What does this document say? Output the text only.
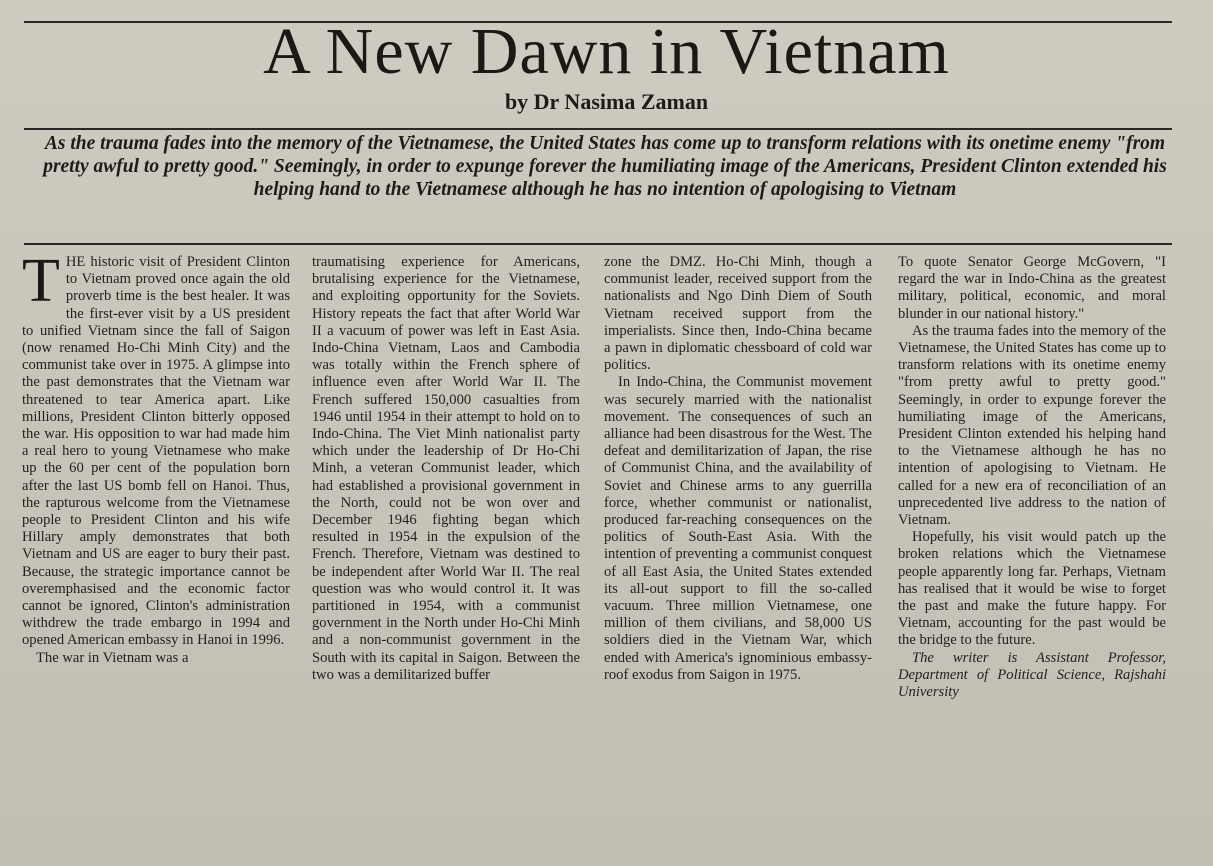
A New Dawn in Vietnam
by Dr Nasima Zaman

As the trauma fades into the memory of the Vietnamese, the United States has come up to transform relations with its onetime enemy "from pretty awful to pretty good." Seemingly, in order to expunge forever the humiliating image of the Americans, President Clinton extended his helping hand to the Vietnamese although he has no intention of apologising to Vietnam

THE historic visit of President Clinton to Vietnam proved once again the old proverb time is the best healer. It was the first-ever visit by a US president to unified Vietnam since the fall of Saigon (now renamed Ho-Chi Minh City) and the communist take over in 1975. A glimpse into the past demonstrates that the Vietnam war threatened to tear America apart. Like millions, President Clinton bitterly opposed the war. His opposition to war had made him a real hero to young Vietnamese who make up the 60 per cent of the population born after the last US bomb fell on Hanoi. Thus, the rapturous welcome from the Vietnamese people to President Clinton and his wife Hillary amply demonstrates that both Vietnam and US are eager to bury their past. Because, the strategic importance cannot be overemphasised and the economic factor cannot be ignored, Clinton's administration withdrew the trade embargo in 1994 and opened American embassy in Hanoi in 1996.

The war in Vietnam was a

traumatising experience for Americans, brutalising experience for the Vietnamese, and exploiting opportunity for the Soviets. History repeats the fact that after World War II a vacuum of power was left in East Asia. Indo-China Vietnam, Laos and Cambodia was totally within the French sphere of influence even after World War II. The French suffered 150,000 casualties from 1946 until 1954 in their attempt to hold on to Indo-China. The Viet Minh nationalist party which under the leadership of Dr Ho-Chi Minh, a veteran Communist leader, which had established a provisional government in the North, could not be won over and December 1946 fighting began which resulted in 1954 in the expulsion of the French. Therefore, Vietnam was destined to be independent after World War II. The real question was who would control it. It was partitioned in 1954, with a communist government in the North under Ho-Chi Minh and a non-communist government in the South with its capital in Saigon. Between the two was a demilitarized buffer

zone the DMZ. Ho-Chi Minh, though a communist leader, received support from the nationalists and Ngo Dinh Diem of South Vietnam received support from the imperialists. Since then, Indo-China became a pawn in diplomatic chessboard of cold war politics.

In Indo-China, the Communist movement was securely married with the nationalist movement. The consequences of such an alliance had been disastrous for the West. The defeat and demilitarization of Japan, the rise of Communist China, and the availability of Soviet and Chinese arms to any guerrilla force, whether communist or nationalist, produced far-reaching consequences on the politics of South-East Asia. With the intention of preventing a communist conquest of all East Asia, the United States extended its all-out support to fill the so-called vacuum. Three million Vietnamese, one million of them civilians, and 58,000 US soldiers died in the Vietnam War, which ended with America's ignominious embassy-roof exodus from Saigon in 1975.

To quote Senator George McGovern, "I regard the war in Indo-China as the greatest military, political, economic, and moral blunder in our national history."

As the trauma fades into the memory of the Vietnamese, the United States has come up to transform relations with its onetime enemy "from pretty awful to pretty good." Seemingly, in order to expunge forever the humiliating image of the Americans, President Clinton extended his helping hand to the Vietnamese although he has no intention of apologising to Vietnam. He called for a new era of reconciliation of an unprecedented live address to the nation of Vietnam.

Hopefully, his visit would patch up the broken relations which the Vietnamese people apparently long far. Perhaps, Vietnam has realised that it would be wise to forget the past and make the future happy. For Vietnam, accounting for the past would be the bridge to the future.

The writer is Assistant Professor, Department of Political Science, Rajshahi University
